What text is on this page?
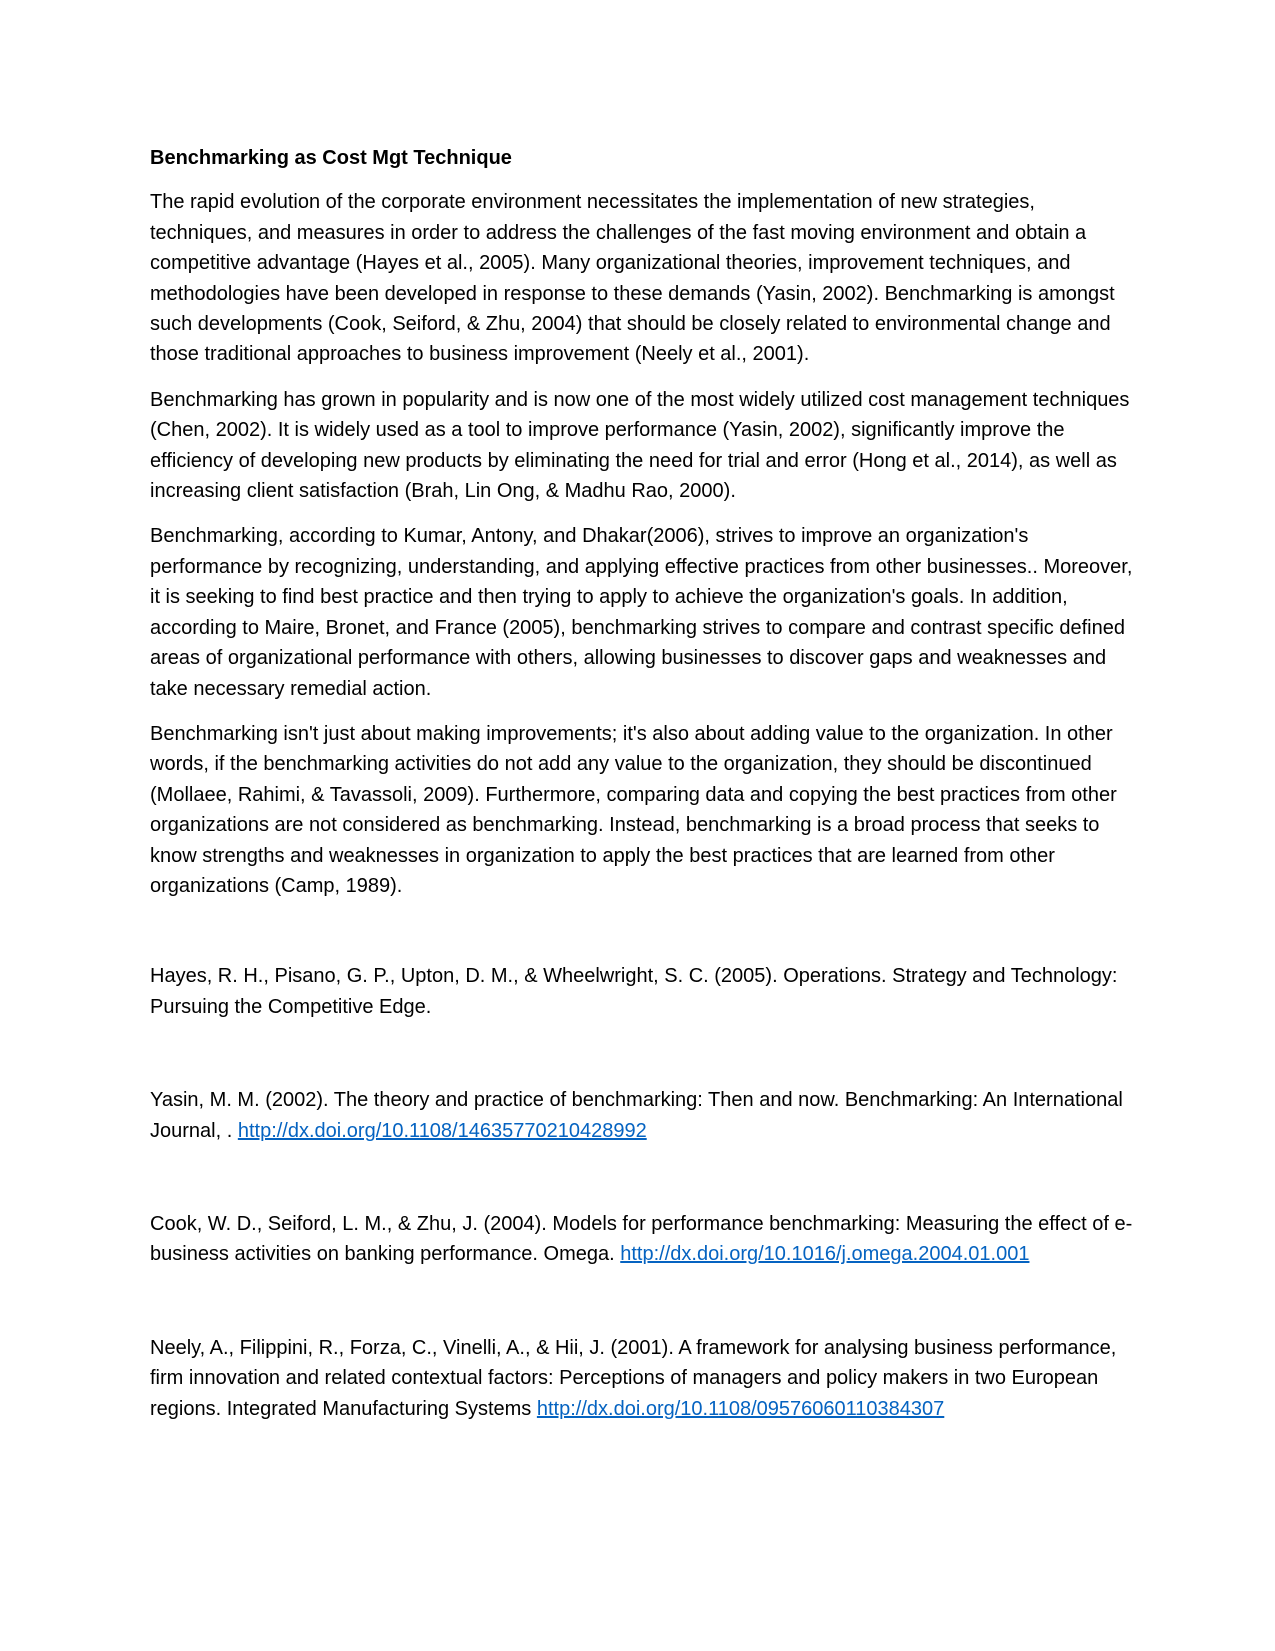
Benchmarking as Cost Mgt Technique

The rapid evolution of the corporate environment necessitates the implementation of new strategies, techniques, and measures in order to address the challenges of the fast moving environment and obtain a competitive advantage (Hayes et al., 2005). Many organizational theories, improvement techniques, and methodologies have been developed in response to these demands (Yasin, 2002). Benchmarking is amongst such developments (Cook, Seiford, & Zhu, 2004) that should be closely related to environmental change and those traditional approaches to business improvement (Neely et al., 2001).

Benchmarking has grown in popularity and is now one of the most widely utilized cost management techniques (Chen, 2002). It is widely used as a tool to improve performance (Yasin, 2002), significantly improve the efficiency of developing new products by eliminating the need for trial and error (Hong et al., 2014), as well as increasing client satisfaction (Brah, Lin Ong, & Madhu Rao, 2000).

Benchmarking, according to Kumar, Antony, and Dhakar(2006), strives to improve an organization's performance by recognizing, understanding, and applying effective practices from other businesses.. Moreover, it is seeking to find best practice and then trying to apply to achieve the organization's goals. In addition, according to Maire, Bronet, and France (2005), benchmarking strives to compare and contrast specific defined areas of organizational performance with others, allowing businesses to discover gaps and weaknesses and take necessary remedial action.

Benchmarking isn't just about making improvements; it's also about adding value to the organization. In other words, if the benchmarking activities do not add any value to the organization, they should be discontinued (Mollaee, Rahimi, & Tavassoli, 2009). Furthermore, comparing data and copying the best practices from other organizations are not considered as benchmarking. Instead, benchmarking is a broad process that seeks to know strengths and weaknesses in organization to apply the best practices that are learned from other organizations (Camp, 1989).

Hayes, R. H., Pisano, G. P., Upton, D. M., & Wheelwright, S. C. (2005). Operations. Strategy and Technology: Pursuing the Competitive Edge.

Yasin, M. M. (2002). The theory and practice of benchmarking: Then and now. Benchmarking: An International Journal, . http://dx.doi.org/10.1108/14635770210428992

Cook, W. D., Seiford, L. M., & Zhu, J. (2004). Models for performance benchmarking: Measuring the effect of e-business activities on banking performance. Omega. http://dx.doi.org/10.1016/j.omega.2004.01.001

Neely, A., Filippini, R., Forza, C., Vinelli, A., & Hii, J. (2001). A framework for analysing business performance, firm innovation and related contextual factors: Perceptions of managers and policy makers in two European regions. Integrated Manufacturing Systems http://dx.doi.org/10.1108/09576060110384307
